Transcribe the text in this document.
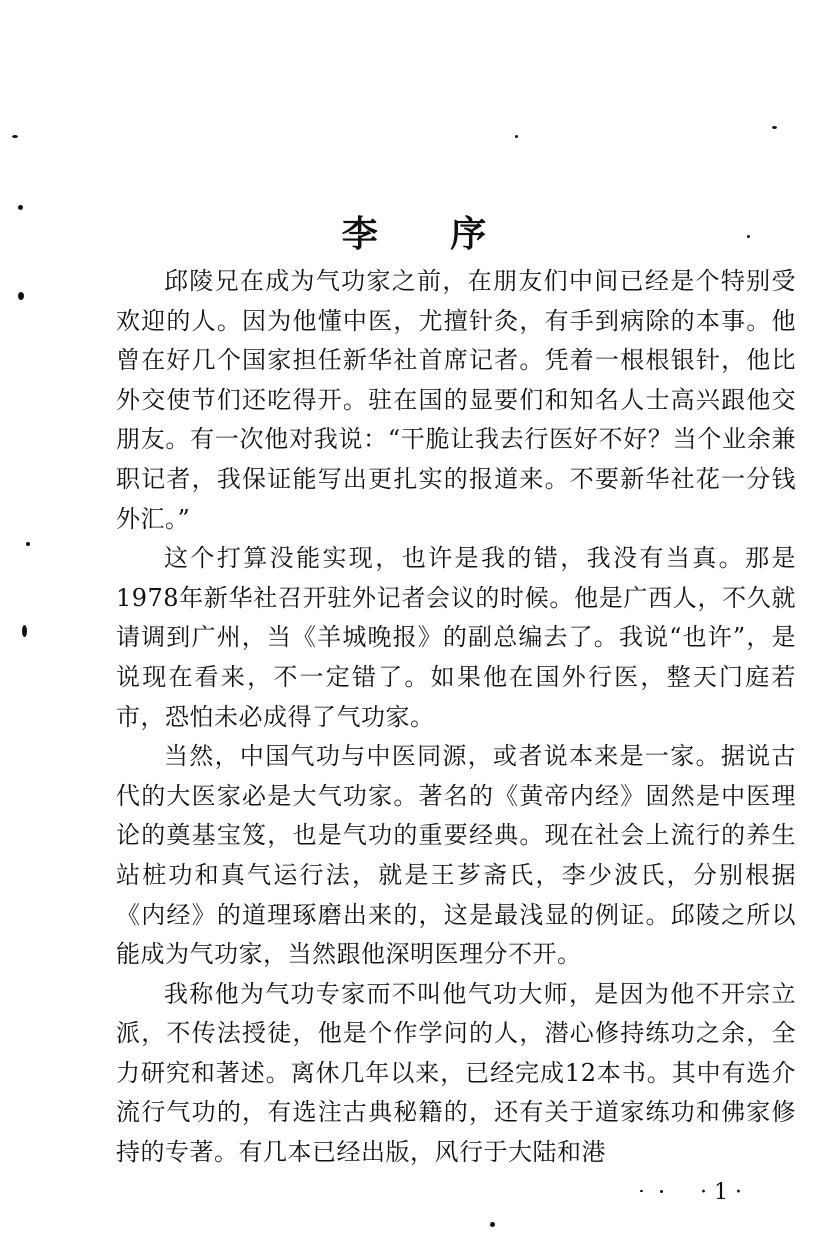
李 序

邱陵兄在成为气功家之前，在朋友们中间已经是个特别受欢迎的人。因为他懂中医，尤擅针灸，有手到病除的本事。他曾在好几个国家担任新华社首席记者。凭着一根根银针，他比外交使节们还吃得开。驻在国的显要们和知名人士高兴跟他交朋友。有一次他对我说：“干脆让我去行医好不好？当个业余兼职记者，我保证能写出更扎实的报道来。不要新华社花一分钱外汇。”

这个打算没能实现，也许是我的错，我没有当真。那是1978年新华社召开驻外记者会议的时候。他是广西人，不久就请调到广州，当《羊城晚报》的副总编去了。我说“也许”，是说现在看来，不一定错了。如果他在国外行医，整天门庭若市，恐怕未必成得了气功家。

当然，中国气功与中医同源，或者说本来是一家。据说古代的大医家必是大气功家。著名的《黄帝内经》固然是中医理论的奠基宝笈，也是气功的重要经典。现在社会上流行的养生站桩功和真气运行法，就是王芗斋氏，李少波氏，分别根据《内经》的道理琢磨出来的，这是最浅显的例证。邱陵之所以能成为气功家，当然跟他深明医理分不开。

我称他为气功专家而不叫他气功大师，是因为他不开宗立派，不传法授徒，他是个作学问的人，潜心修持练功之余，全力研究和著述。离休几年以来，已经完成12本书。其中有选介流行气功的，有选注古典秘籍的，还有关于道家练功和佛家修持的专著。有几本已经出版，风行于大陆和港

· 1 ·
